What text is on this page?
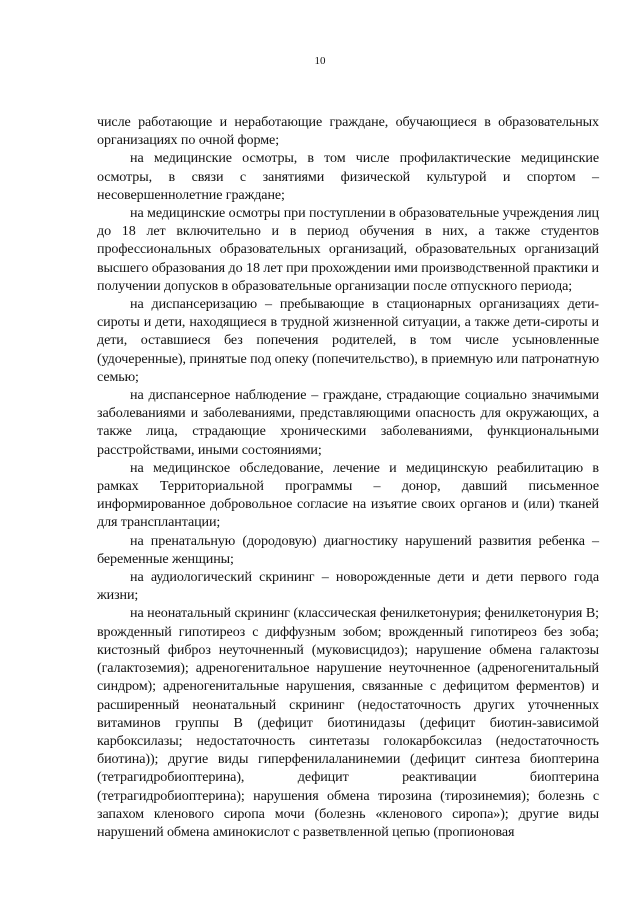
10

числе работающие и неработающие граждане, обучающиеся в образовательных организациях по очной форме;

на медицинские осмотры, в том числе профилактические медицинские осмотры, в связи с занятиями физической культурой и спортом – несовершеннолетние граждане;

на медицинские осмотры при поступлении в образовательные учреждения лиц до 18 лет включительно и в период обучения в них, а также студентов профессиональных образовательных организаций, образовательных организаций высшего образования до 18 лет при прохождении ими производственной практики и получении допусков в образовательные организации после отпускного периода;

на диспансеризацию – пребывающие в стационарных организациях дети-сироты и дети, находящиеся в трудной жизненной ситуации, а также дети-сироты и дети, оставшиеся без попечения родителей, в том числе усыновленные (удочеренные), принятые под опеку (попечительство), в приемную или патронатную семью;

на диспансерное наблюдение – граждане, страдающие социально значимыми заболеваниями и заболеваниями, представляющими опасность для окружающих, а также лица, страдающие хроническими заболеваниями, функциональными расстройствами, иными состояниями;

на медицинское обследование, лечение и медицинскую реабилитацию в рамках Территориальной программы – донор, давший письменное информированное добровольное согласие на изъятие своих органов и (или) тканей для трансплантации;

на пренатальную (дородовую) диагностику нарушений развития ребенка – беременные женщины;

на аудиологический скрининг – новорожденные дети и дети первого года жизни;

на неонатальный скрининг (классическая фенилкетонурия; фенилкетонурия B; врожденный гипотиреоз с диффузным зобом; врожденный гипотиреоз без зоба; кистозный фиброз неуточненный (муковисцидоз); нарушение обмена галактозы (галактоземия); адреногенитальное нарушение неуточненное (адреногенитальный синдром); адреногенитальные нарушения, связанные с дефицитом ферментов) и расширенный неонатальный скрининг (недостаточность других уточненных витаминов группы B (дефицит биотинидазы (дефицит биотин-зависимой карбоксилазы; недостаточность синтетазы голокарбоксилаз (недостаточность биотина)); другие виды гиперфенилаланинемии (дефицит синтеза биоптерина (тетрагидробиоптерина), дефицит реактивации биоптерина (тетрагидробиоптерина); нарушения обмена тирозина (тирозинемия); болезнь с запахом кленового сиропа мочи (болезнь «кленового сиропа»); другие виды нарушений обмена аминокислот с разветвленной цепью (пропионовая
